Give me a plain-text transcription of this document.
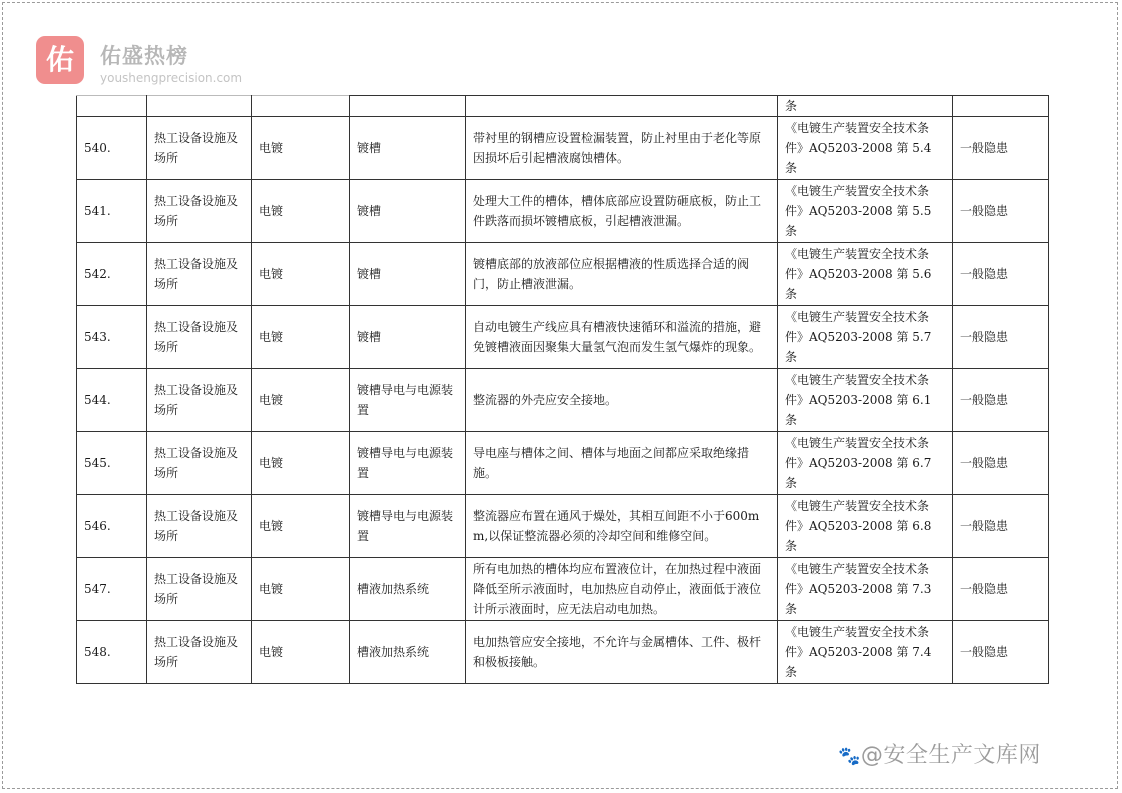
佑	佑盛热榜
youshengprecision.com
					条	
540.	热工设备设施及场所	电镀	镀槽	带衬里的钢槽应设置检漏装置，防止衬里由于老化等原因损坏后引起槽液腐蚀槽体。	《电镀生产装置安全技术条件》AQ5203-2008 第 5.4 条	一般隐患
541.	热工设备设施及场所	电镀	镀槽	处理大工件的槽体，槽体底部应设置防砸底板，防止工件跌落而损坏镀槽底板，引起槽液泄漏。	《电镀生产装置安全技术条件》AQ5203-2008 第 5.5 条	一般隐患
542.	热工设备设施及场所	电镀	镀槽	镀槽底部的放液部位应根据槽液的性质选择合适的阀门，防止槽液泄漏。	《电镀生产装置安全技术条件》AQ5203-2008 第 5.6 条	一般隐患
543.	热工设备设施及场所	电镀	镀槽	自动电镀生产线应具有槽液快速循环和溢流的措施，避免镀槽液面因聚集大量氢气泡而发生氢气爆炸的现象。	《电镀生产装置安全技术条件》AQ5203-2008 第 5.7 条	一般隐患
544.	热工设备设施及场所	电镀	镀槽导电与电源装置	整流器的外壳应安全接地。	《电镀生产装置安全技术条件》AQ5203-2008 第 6.1 条	一般隐患
545.	热工设备设施及场所	电镀	镀槽导电与电源装置	导电座与槽体之间、槽体与地面之间都应采取绝缘措施。	《电镀生产装置安全技术条件》AQ5203-2008 第 6.7 条	一般隐患
546.	热工设备设施及场所	电镀	镀槽导电与电源装置	整流器应布置在通风于燥处，其相互间距不小于600mm,以保证整流器必须的冷却空间和维修空间。	《电镀生产装置安全技术条件》AQ5203-2008 第 6.8 条	一般隐患
547.	热工设备设施及场所	电镀	槽液加热系统	所有电加热的槽体均应布置液位计，在加热过程中液面降低至所示液面时，电加热应自动停止，液面低于液位计所示液面时，应无法启动电加热。	《电镀生产装置安全技术条件》AQ5203-2008 第 7.3 条	一般隐患
548.	热工设备设施及场所	电镀	槽液加热系统	电加热管应安全接地，不允许与金属槽体、工件、极杆和极板接触。	《电镀生产装置安全技术条件》AQ5203-2008 第 7.4 条	一般隐患
🐾@安全生产文库网
